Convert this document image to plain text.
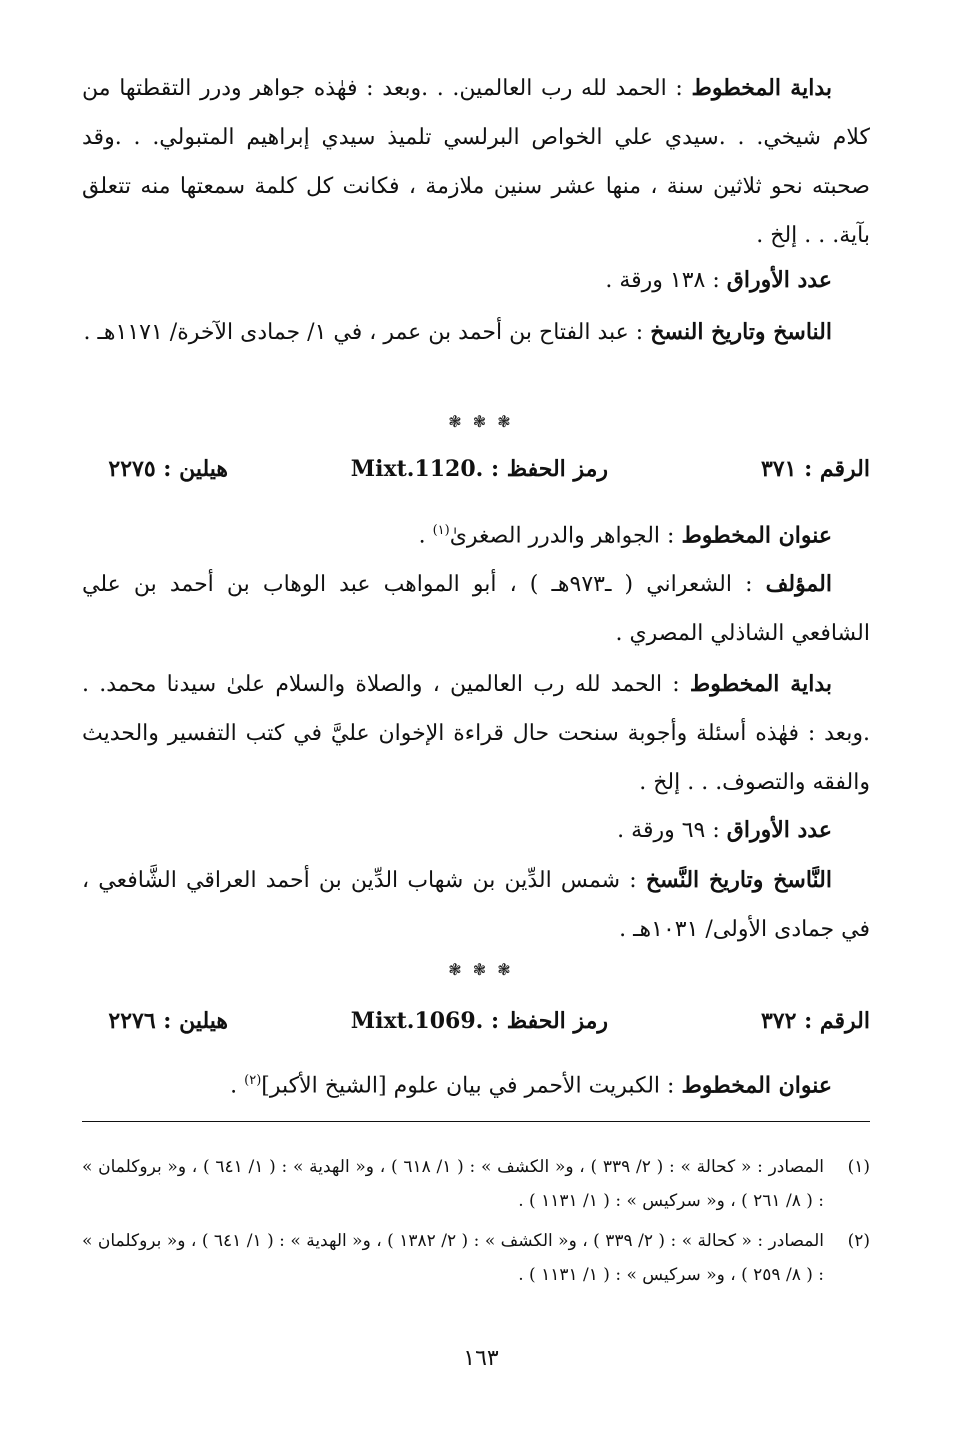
بداية المخطوط : الحمد لله رب العالمين. . .وبعد : فهٰذه جواهر ودرر التقطتها من كلام شيخي. . .سيدي علي الخواص البرلسي تلميذ سيدي إبراهيم المتبولي. . .وقد صحبته نحو ثلاثين سنة ، منها عشر سنين ملازمة ، فكانت كل كلمة سمعتها منه تتعلق بآية. . . إلخ .
عدد الأوراق : ١٣٨ ورقة .
الناسخ وتاريخ النسخ : عبد الفتاح بن أحمد بن عمر ، في ١/ جمادى الآخرة/ ١١٧١هـ .
❃ ❃ ❃
الرقم : ٣٧١
رمز الحفظ : Mixt.1120.
هيلين : ٢٢٧٥
عنوان المخطوط : الجواهر والدرر الصغرىٰ$^{(١)}$ .
المؤلف : الشعراني ( ـ٩٧٣هـ ) ، أبو المواهب عبد الوهاب بن أحمد بن علي الشافعي الشاذلي المصري .
بداية المخطوط : الحمد لله رب العالمين ، والصلاة والسلام علىٰ سيدنا محمد. . .وبعد : فهٰذه أسئلة وأجوبة سنحت حال قراءة الإخوان عليَّ في كتب التفسير والحديث والفقه والتصوف. . . إلخ .
عدد الأوراق : ٦٩ ورقة .
النَّاسخ وتاريخ النَّسخ : شمس الدِّين بن شهاب الدِّين بن أحمد العراقي الشَّافعي ، في جمادى الأولى/ ١٠٣١هـ .
❃ ❃ ❃
الرقم : ٣٧٢
رمز الحفظ : Mixt.1069.
هيلين : ٢٢٧٦
عنوان المخطوط : الكبريت الأحمر في بيان علوم [الشيخ الأكبر]$^{(٢)}$ .
(١)
المصادر : « كحالة » : ( ٢/ ٣٣٩ ) ، و« الكشف » : ( ١/ ٦١٨ ) ، و« الهدية » : ( ١/ ٦٤١ ) ، و« بروكلمان » : ( ٨/ ٢٦١ ) ، و« سركيس » : ( ١/ ١١٣١ ) .
(٢)
المصادر : « كحالة » : ( ٢/ ٣٣٩ ) ، و« الكشف » : ( ٢/ ١٣٨٢ ) ، و« الهدية » : ( ١/ ٦٤١ ) ، و« بروكلمان » : ( ٨/ ٢٥٩ ) ، و« سركيس » : ( ١/ ١١٣١ ) .
١٦٣
